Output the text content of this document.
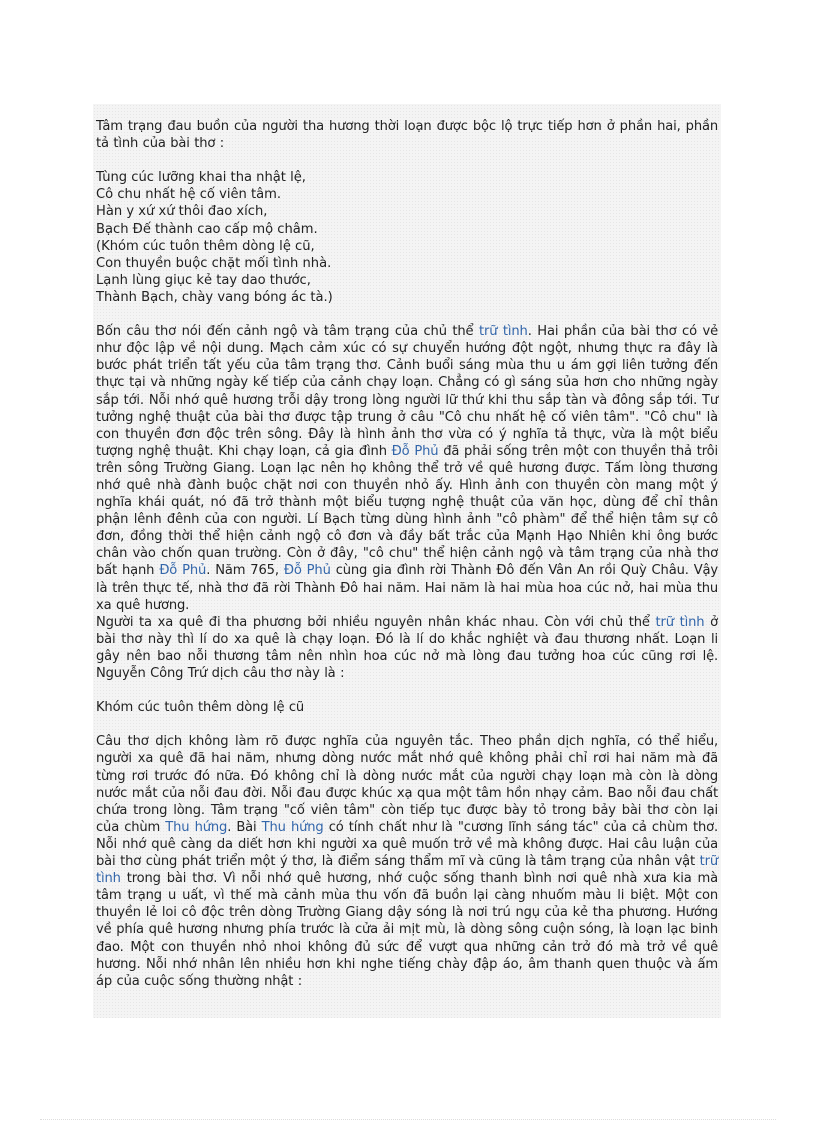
Tâm trạng đau buồn của người tha hương thời loạn được bộc lộ trực tiếp hơn ở phần hai, phần tả tình của bài thơ :

Tùng cúc lưỡng khai tha nhật lệ,
Cô chu nhất hệ cố viên tâm.
Hàn y xứ xứ thôi đao xích,
Bạch Đế thành cao cấp mộ châm.
(Khóm cúc tuôn thêm dòng lệ cũ,
Con thuyền buộc chặt mối tình nhà.
Lạnh lùng giục kẻ tay dao thước,
Thành Bạch, chày vang bóng ác tà.)

Bốn câu thơ nói đến cảnh ngộ và tâm trạng của chủ thể trữ tình. Hai phần của bài thơ có vẻ như độc lập về nội dung. Mạch cảm xúc có sự chuyển hướng đột ngột, nhưng thực ra đây là bước phát triển tất yếu của tâm trạng thơ. Cảnh buổi sáng mùa thu u ám gợi liên tưởng đến thực tại và những ngày kế tiếp của cảnh chạy loạn. Chẳng có gì sáng sủa hơn cho những ngày sắp tới. Nỗi nhớ quê hương trỗi dậy trong lòng người lữ thứ khi thu sắp tàn và đông sắp tới. Tư tưởng nghệ thuật của bài thơ được tập trung ở câu "Cô chu nhất hệ cố viên tâm". "Cô chu" là con thuyền đơn độc trên sông. Đây là hình ảnh thơ vừa có ý nghĩa tả thực, vừa là một biểu tượng nghệ thuật. Khi chạy loạn, cả gia đình Đỗ Phủ đã phải sống trên một con thuyền thả trôi trên sông Trường Giang. Loạn lạc nên họ không thể trở về quê hương được. Tấm lòng thương nhớ quê nhà đành buộc chặt nơi con thuyền nhỏ ấy. Hình ảnh con thuyền còn mang một ý nghĩa khái quát, nó đã trở thành một biểu tượng nghệ thuật của văn học, dùng để chỉ thân phận lênh đênh của con người. Lí Bạch từng dùng hình ảnh "cô phàm" để thể hiện tâm sự cô đơn, đồng thời thể hiện cảnh ngộ cô đơn và đầy bất trắc của Mạnh Hạo Nhiên khi ông bước chân vào chốn quan trường. Còn ở đây, "cô chu" thể hiện cảnh ngộ và tâm trạng của nhà thơ bất hạnh Đỗ Phủ. Năm 765, Đỗ Phủ cùng gia đình rời Thành Đô đến Vân An rồi Quỳ Châu. Vậy là trên thực tế, nhà thơ đã rời Thành Đô hai năm. Hai năm là hai mùa hoa cúc nở, hai mùa thu xa quê hương.

Người ta xa quê đi tha phương bởi nhiều nguyên nhân khác nhau. Còn với chủ thể trữ tình ở bài thơ này thì lí do xa quê là chạy loạn. Đó là lí do khắc nghiệt và đau thương nhất. Loạn li gây nên bao nỗi thương tâm nên nhìn hoa cúc nở mà lòng đau tưởng hoa cúc cũng rơi lệ. Nguyễn Công Trứ dịch câu thơ này là :

Khóm cúc tuôn thêm dòng lệ cũ

Câu thơ dịch không làm rõ được nghĩa của nguyên tắc. Theo phần dịch nghĩa, có thể hiểu, người xa quê đã hai năm, nhưng dòng nước mắt nhớ quê không phải chỉ rơi hai năm mà đã từng rơi trước đó nữa. Đó không chỉ là dòng nước mắt của người chạy loạn mà còn là dòng nước mắt của nỗi đau đời. Nỗi đau được khúc xạ qua một tâm hồn nhạy cảm. Bao nỗi đau chất chứa trong lòng. Tâm trạng "cố viên tâm" còn tiếp tục được bày tỏ trong bảy bài thơ còn lại của chùm Thu hứng. Bài Thu hứng có tính chất như là "cương lĩnh sáng tác" của cả chùm thơ. Nỗi nhớ quê càng da diết hơn khi người xa quê muốn trở về mà không được. Hai câu luận của bài thơ cùng phát triển một ý thơ, là điểm sáng thẩm mĩ và cũng là tâm trạng của nhân vật trữ tình trong bài thơ. Vì nỗi nhớ quê hương, nhớ cuộc sống thanh bình nơi quê nhà xưa kia mà tâm trạng u uất, vì thế mà cảnh mùa thu vốn đã buồn lại càng nhuốm màu li biệt. Một con thuyền lẻ loi cô độc trên dòng Trường Giang dậy sóng là nơi trú ngụ của kẻ tha phương. Hướng về phía quê hương nhưng phía trước là cửa ải mịt mù, là dòng sông cuộn sóng, là loạn lạc binh đao. Một con thuyền nhỏ nhoi không đủ sức để vượt qua những cản trở đó mà trở về quê hương. Nỗi nhớ nhân lên nhiều hơn khi nghe tiếng chày đập áo, âm thanh quen thuộc và ấm áp của cuộc sống thường nhật :
